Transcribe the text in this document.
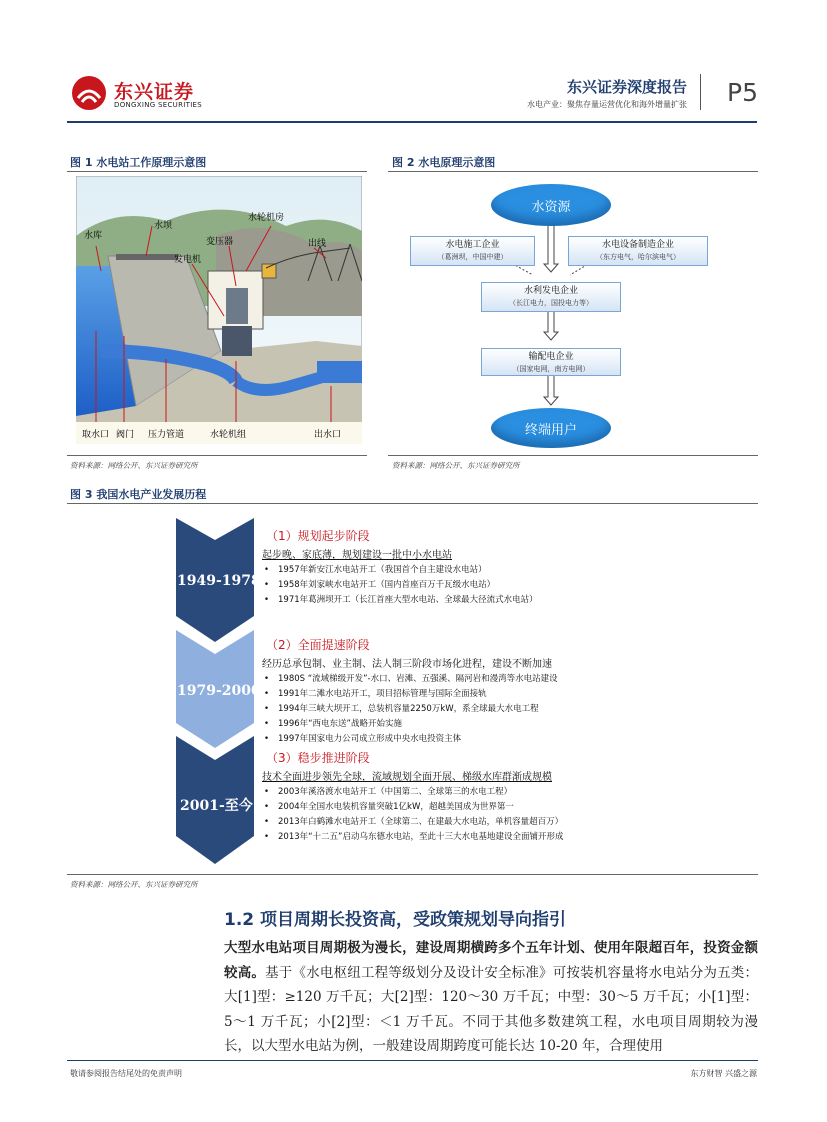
东兴证券
DONGXING SECURITIES
东兴证券深度报告
水电产业：聚焦存量运营优化和海外增量扩张 P5
图 1 水电站工作原理示意图
水库
水坝
水轮机房
变压器
发电机
出线
取水口 阀门 压力管道	水轮机组	出水口
资料来源：网络公开、东兴证券研究所
图 2 水电原理示意图
水资源
水电施工企业
（葛洲坝，中国中建）
水电设备制造企业
（东方电气，哈尔滨电气）
水利发电企业
（长江电力，国投电力等）
输配电企业
（国家电网，南方电网）
终端用户
资料来源：网络公开、东兴证券研究所
图 3 我国水电产业发展历程
1949-1978
1979-2000
2001-至今
（1）规划起步阶段
起步晚、家底薄，规划建设一批中小水电站
• 1957年新安江水电站开工（我国首个自主建设水电站）
• 1958年刘家峡水电站开工（国内首座百万千瓦级水电站）
• 1971年葛洲坝开工（长江首座大型水电站、全球最大径流式水电站）
（2）全面提速阶段
经历总承包制、业主制、法人制三阶段市场化进程，建设不断加速
• 1980S “流域梯级开发”-水口、岩滩、五强溪、隔河岩和漫湾等水电站建设
• 1991年二滩水电站开工，项目招标管理与国际全面接轨
• 1994年三峡大坝开工，总装机容量2250万kW，系全球最大水电工程
• 1996年“西电东送”战略开始实施
• 1997年国家电力公司成立形成中央水电投资主体
（3）稳步推进阶段
技术全面进步领先全球，流域规划全面开展、梯级水库群渐成规模
• 2003年溪洛渡水电站开工（中国第二、全球第三的水电工程）
• 2004年全国水电装机容量突破1亿kW，超越美国成为世界第一
• 2013年白鹤滩水电站开工（全球第二、在建最大水电站，单机容量超百万）
• 2013年“十二五”启动乌东德水电站，至此十三大水电基地建设全面铺开形成
资料来源：网络公开、东兴证券研究所
1.2 项目周期长投资高，受政策规划导向指引
大型水电站项目周期极为漫长，建设周期横跨多个五年计划、使用年限超百年，投资金额较高。基于《水电枢纽工程等级划分及设计安全标准》可按装机容量将水电站分为五类：大[1]型：≥120 万千瓦；大[2]型：120～30 万千瓦；中型：30～5 万千瓦；小[1]型：5～1 万千瓦；小[2]型：＜1 万千瓦。不同于其他多数建筑工程，水电项目周期较为漫长，以大型水电站为例，一般建设周期跨度可能长达 10-20 年，合理使用
敬请参阅报告结尾处的免责声明	东方财智 兴盛之源
